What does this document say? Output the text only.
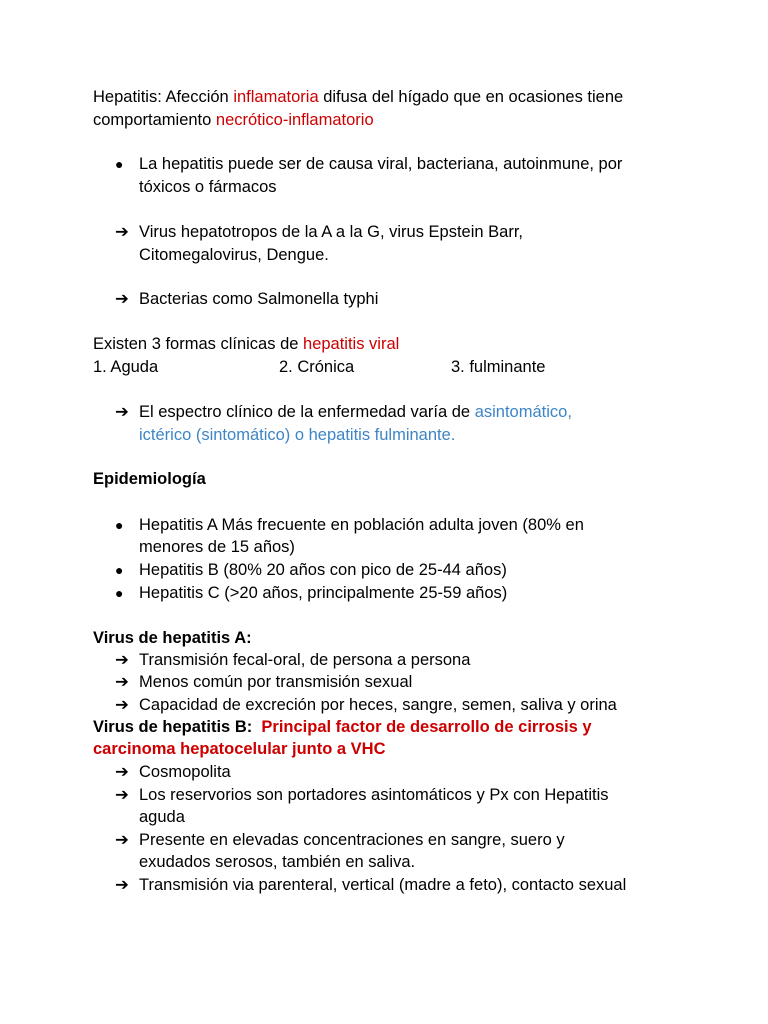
Hepatitis: Afección inflamatoria difusa del hígado que en ocasiones tiene
comportamiento necrótico-inflamatorio
● La hepatitis puede ser de causa viral, bacteriana, autoinmune, por
tóxicos o fármacos
➔ Virus hepatotropos de la A a la G, virus Epstein Barr,
Citomegalovirus, Dengue.
➔ Bacterias como Salmonella typhi
Existen 3 formas clínicas de hepatitis viral
1. Aguda	2. Crónica	3. fulminante
➔ El espectro clínico de la enfermedad varía de asintomático,
ictérico (sintomático) o hepatitis fulminante.
Epidemiología
● Hepatitis A Más frecuente en población adulta joven (80% en
menores de 15 años)
● Hepatitis B (80% 20 años con pico de 25-44 años)
● Hepatitis C (>20 años, principalmente 25-59 años)
Virus de hepatitis A:
➔ Transmisión fecal-oral, de persona a persona
➔ Menos común por transmisión sexual
➔ Capacidad de excreción por heces, sangre, semen, saliva y orina
Virus de hepatitis B:  Principal factor de desarrollo de cirrosis y
carcinoma hepatocelular junto a VHC
➔ Cosmopolita
➔ Los reservorios son portadores asintomáticos y Px con Hepatitis
aguda
➔ Presente en elevadas concentraciones en sangre, suero y
exudados serosos, también en saliva.
➔ Transmisión via parenteral, vertical (madre a feto), contacto sexual
